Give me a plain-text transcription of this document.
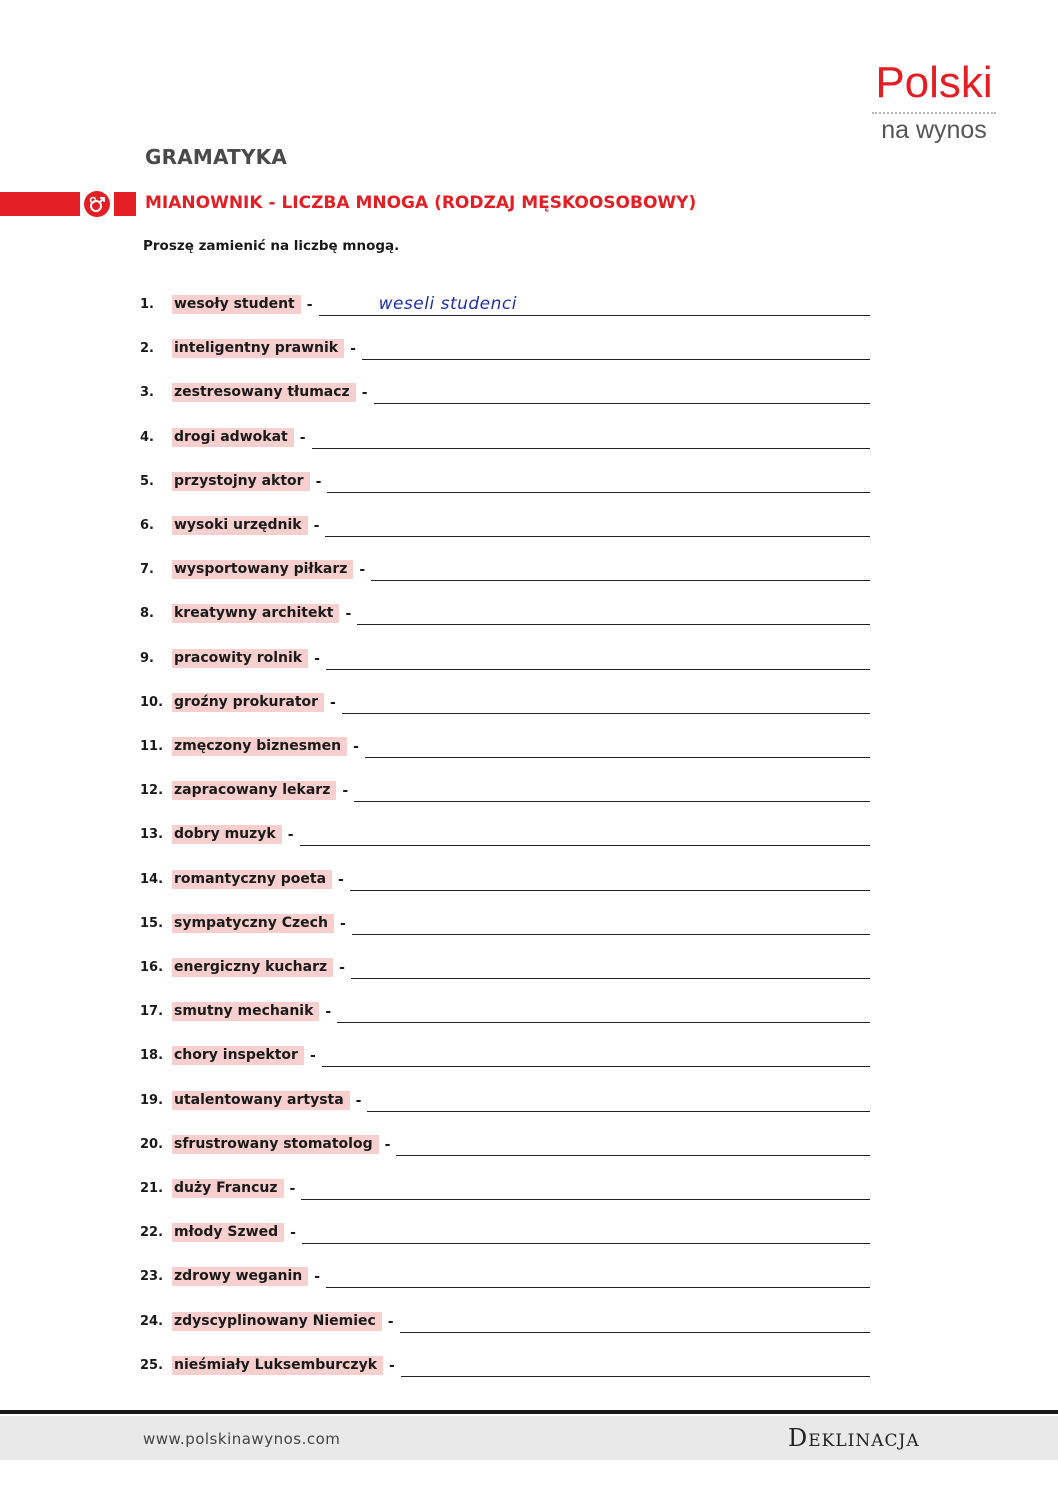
Polski
na wynos
GRAMATYKA
MIANOWNIK - LICZBA MNOGA (RODZAJ MĘSKOOSOBOWY)
Proszę zamienić na liczbę mnogą.
1.	wesoły student -	weseli studenci
2.	inteligentny prawnik -
3.	zestresowany tłumacz -
4.	drogi adwokat -
5.	przystojny aktor -
6.	wysoki urzędnik -
7.	wysportowany piłkarz -
8.	kreatywny architekt -
9.	pracowity rolnik -
10. groźny prokurator -
11. zmęczony biznesmen -
12. zapracowany lekarz -
13. dobry muzyk -
14. romantyczny poeta -
15. sympatyczny Czech -
16. energiczny kucharz -
17. smutny mechanik -
18. chory inspektor -
19. utalentowany artysta -
20. sfrustrowany stomatolog -
21. duży Francuz -
22. młody Szwed -
23. zdrowy weganin -
24. zdyscyplinowany Niemiec -
25. nieśmiały Luksemburczyk -
www.polskinawynos.com	Deklinacja
